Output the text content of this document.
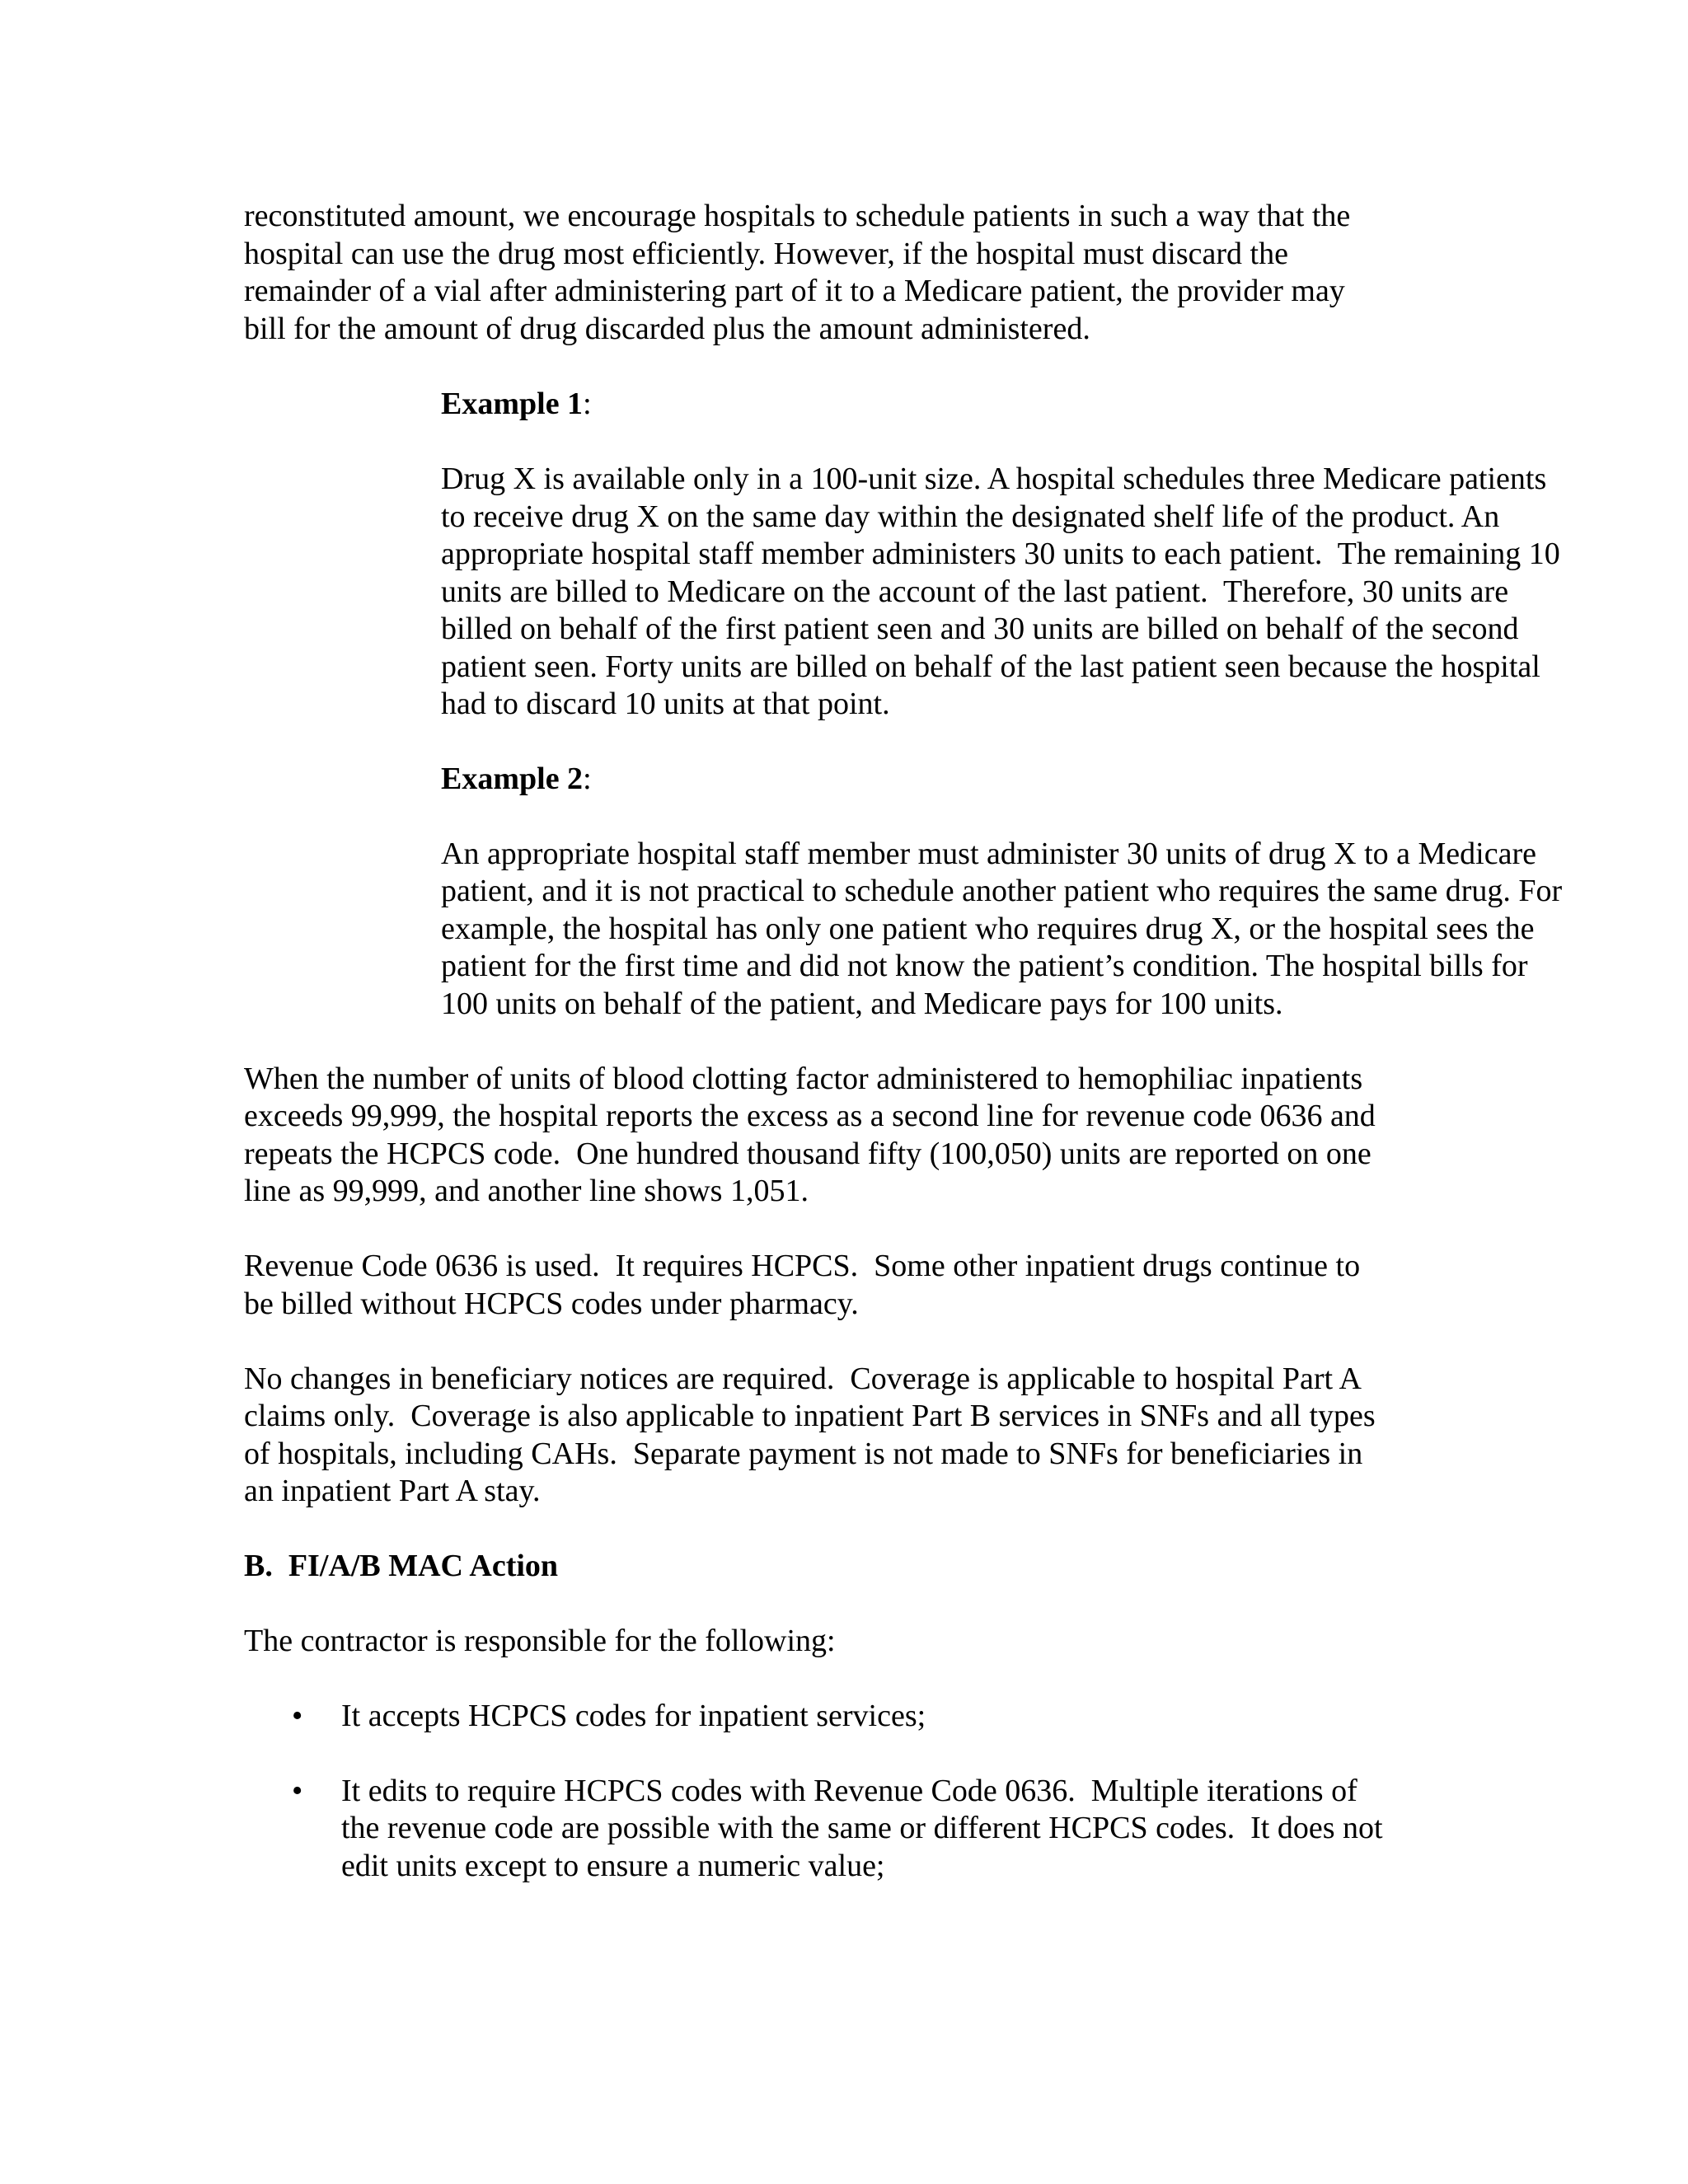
reconstituted amount, we encourage hospitals to schedule patients in such a way that the
hospital can use the drug most efficiently. However, if the hospital must discard the
remainder of a vial after administering part of it to a Medicare patient, the provider may
bill for the amount of drug discarded plus the amount administered.
Example 1:
Drug X is available only in a 100-unit size. A hospital schedules three Medicare patients
to receive drug X on the same day within the designated shelf life of the product. An
appropriate hospital staff member administers 30 units to each patient.  The remaining 10
units are billed to Medicare on the account of the last patient.  Therefore, 30 units are
billed on behalf of the first patient seen and 30 units are billed on behalf of the second
patient seen. Forty units are billed on behalf of the last patient seen because the hospital
had to discard 10 units at that point.
Example 2:
An appropriate hospital staff member must administer 30 units of drug X to a Medicare
patient, and it is not practical to schedule another patient who requires the same drug. For
example, the hospital has only one patient who requires drug X, or the hospital sees the
patient for the first time and did not know the patient’s condition. The hospital bills for
100 units on behalf of the patient, and Medicare pays for 100 units.
When the number of units of blood clotting factor administered to hemophiliac inpatients
exceeds 99,999, the hospital reports the excess as a second line for revenue code 0636 and
repeats the HCPCS code.  One hundred thousand fifty (100,050) units are reported on one
line as 99,999, and another line shows 1,051.
Revenue Code 0636 is used.  It requires HCPCS.  Some other inpatient drugs continue to
be billed without HCPCS codes under pharmacy.
No changes in beneficiary notices are required.  Coverage is applicable to hospital Part A
claims only.  Coverage is also applicable to inpatient Part B services in SNFs and all types
of hospitals, including CAHs.  Separate payment is not made to SNFs for beneficiaries in
an inpatient Part A stay.
B.  FI/A/B MAC Action
The contractor is responsible for the following:
• It accepts HCPCS codes for inpatient services;
• It edits to require HCPCS codes with Revenue Code 0636.  Multiple iterations of
the revenue code are possible with the same or different HCPCS codes.  It does not
edit units except to ensure a numeric value;
